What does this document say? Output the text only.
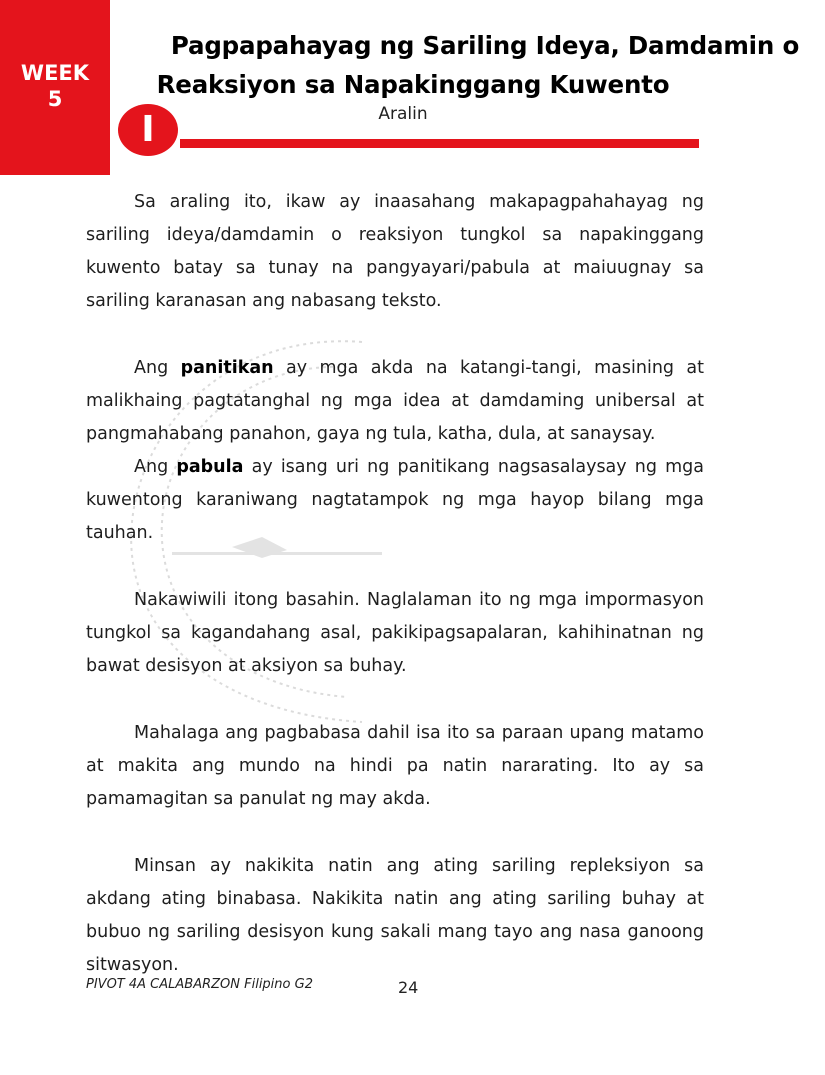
WEEK
5
Pagpapahayag ng Sariling Ideya, Damdamin o
Reaksiyon sa Napakinggang Kuwento
I	Aralin

Sa araling ito, ikaw ay inaasahang makapagpahahayag ng sariling ideya/damdamin o reaksiyon tungkol sa napakinggang kuwento batay sa tunay na pangyayari/pabula at maiuugnay sa sariling karanasan ang nabasang teksto.

Ang panitikan ay mga akda na katangi-tangi, masining at malikhaing pagtatanghal ng mga idea at damdaming unibersal at pangmahabang panahon, gaya ng tula, katha, dula, at sanaysay.

Ang pabula ay isang uri ng panitikang nagsasalaysay ng mga kuwentong karaniwang nagtatampok ng mga hayop bilang mga tauhan.

Nakawiwili itong basahin. Naglalaman ito ng mga impormasyon tungkol sa kagandahang asal, pakikipagsapalaran, kahihinatnan ng bawat desisyon at aksiyon sa buhay.

Mahalaga ang pagbabasa dahil isa ito sa paraan upang matamo at makita ang mundo na hindi pa natin nararating. Ito ay sa pamamagitan sa panulat ng may akda.

Minsan ay nakikita natin ang ating sariling repleksiyon sa akdang ating binabasa. Nakikita natin ang ating sariling buhay at bubuo ng sariling desisyon kung sakali mang tayo ang nasa ganoong sitwasyon.

PIVOT 4A CALABARZON Filipino G2	24
